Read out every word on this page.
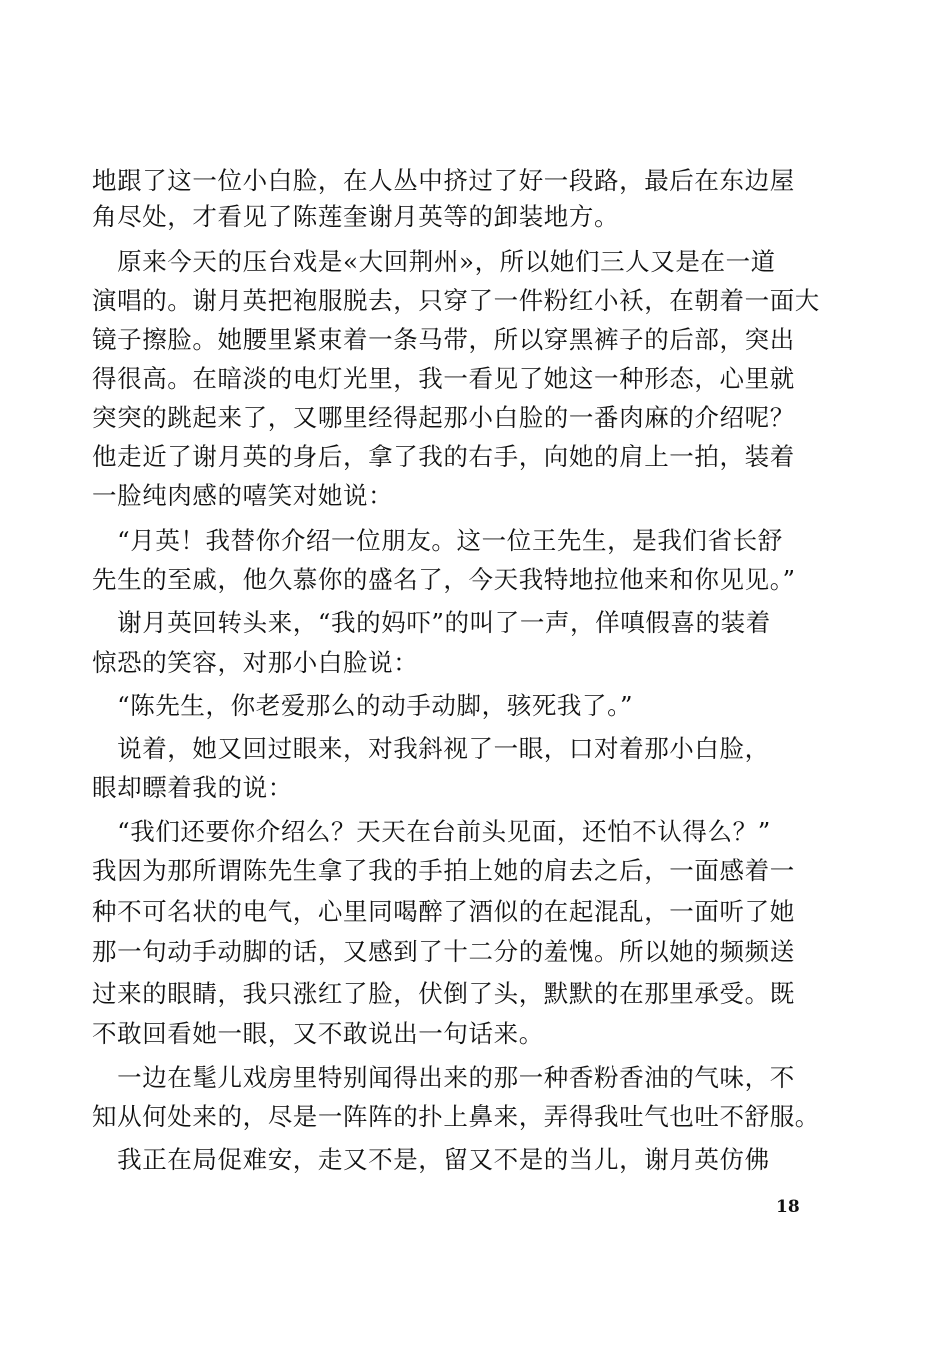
地跟了这一位小白脸，在人丛中挤过了好一段路，最后在东边屋
角尽处，才看见了陈莲奎谢月英等的卸装地方。
　原来今天的压台戏是«大回荆州»，所以她们三人又是在一道
演唱的。谢月英把袍服脱去，只穿了一件粉红小袄，在朝着一面大
镜子擦脸。她腰里紧束着一条马带，所以穿黑裤子的后部，突出
得很高。在暗淡的电灯光里，我一看见了她这一种形态，心里就
突突的跳起来了，又哪里经得起那小白脸的一番肉麻的介绍呢？
他走近了谢月英的身后，拿了我的右手，向她的肩上一拍，装着
一脸纯肉感的嘻笑对她说：
　“月英！我替你介绍一位朋友。这一位王先生，是我们省长舒
先生的至戚，他久慕你的盛名了，今天我特地拉他来和你见见。”
　谢月英回转头来，“我的妈吓”的叫了一声，佯嗔假喜的装着
惊恐的笑容，对那小白脸说：
　“陈先生，你老爱那么的动手动脚，骇死我了。”
　说着，她又回过眼来，对我斜视了一眼，口对着那小白脸，
眼却瞟着我的说：
　“我们还要你介绍么？天天在台前头见面，还怕不认得么？”
我因为那所谓陈先生拿了我的手拍上她的肩去之后，一面感着一
种不可名状的电气，心里同喝醉了酒似的在起混乱，一面听了她
那一句动手动脚的话，又感到了十二分的羞愧。所以她的频频送
过来的眼睛，我只涨红了脸，伏倒了头，默默的在那里承受。既
不敢回看她一眼，又不敢说出一句话来。
　一边在髦儿戏房里特别闻得出来的那一种香粉香油的气味，不
知从何处来的，尽是一阵阵的扑上鼻来，弄得我吐气也吐不舒服。
　我正在局促难安，走又不是，留又不是的当儿，谢月英仿佛
18
